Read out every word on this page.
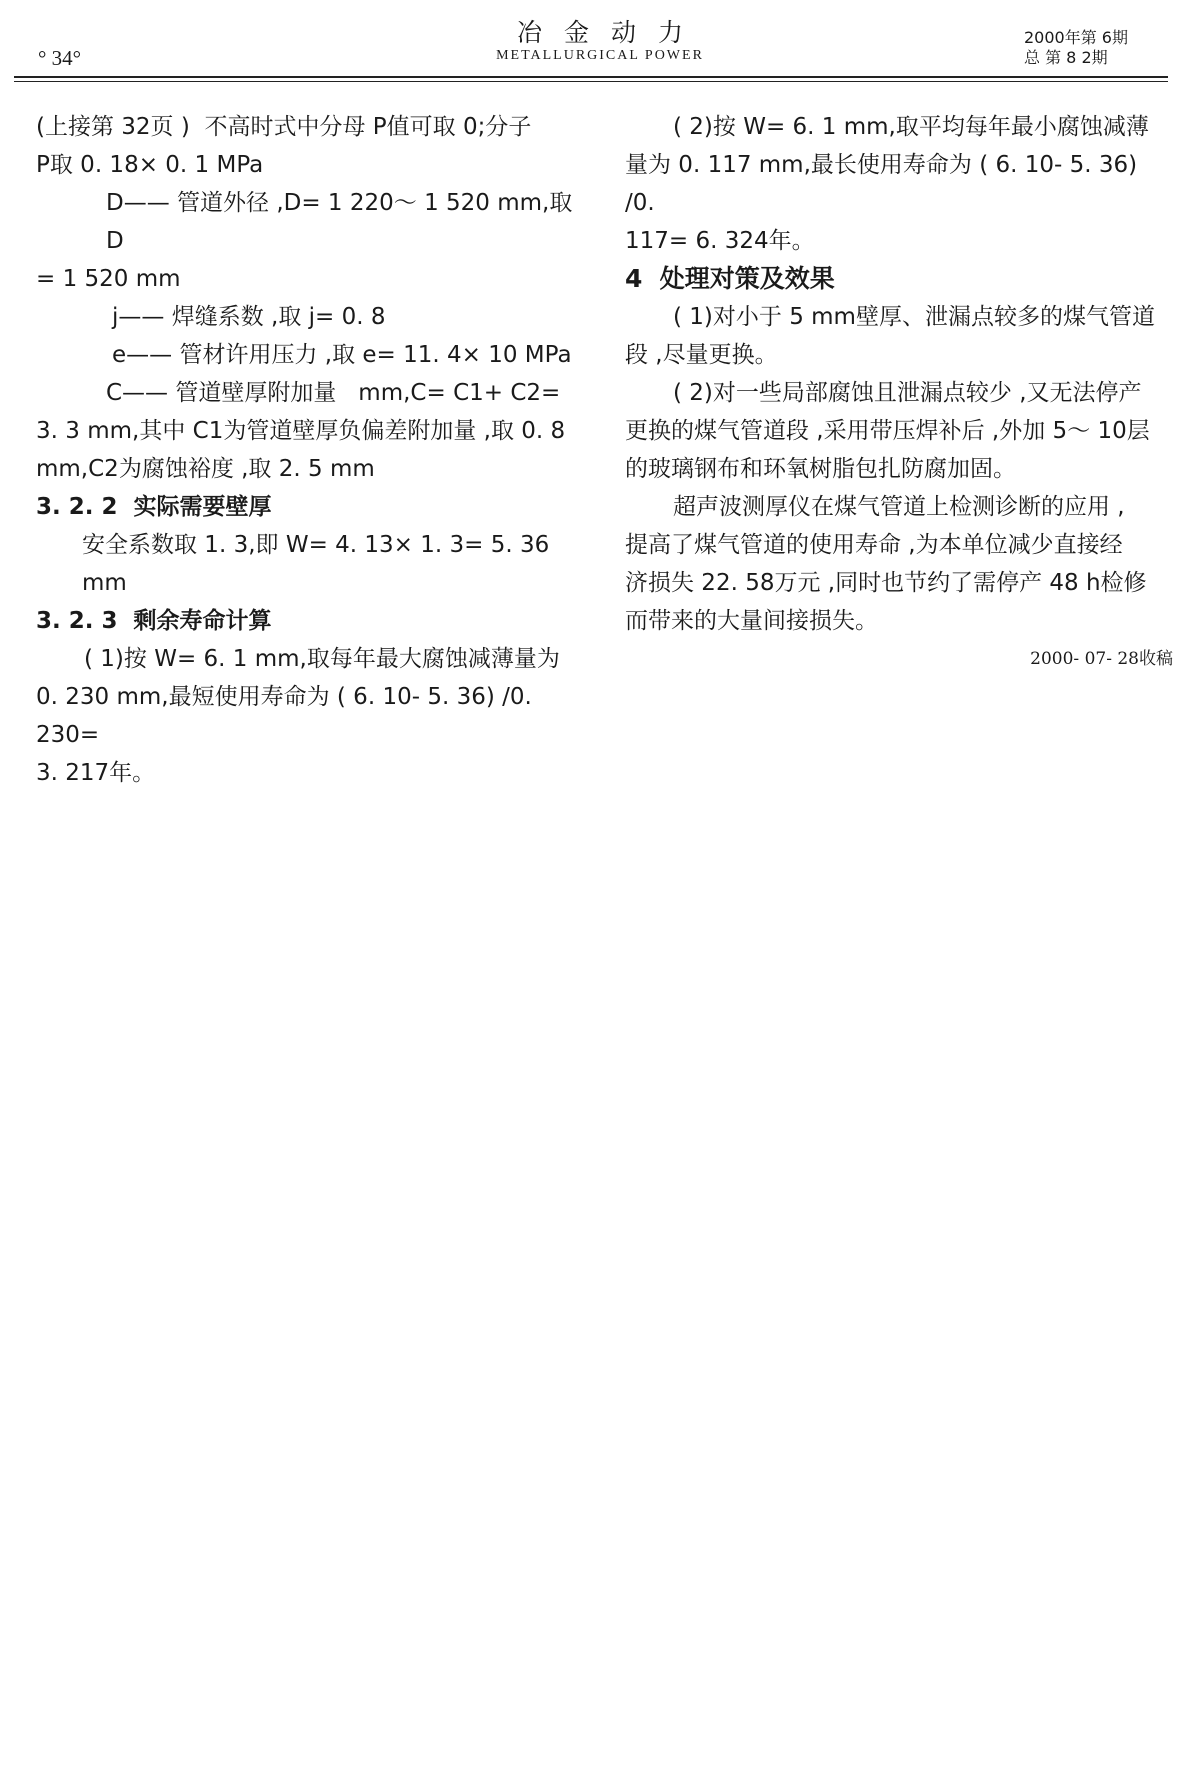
° 34°
冶金动力
METALLURGICAL POWER
2000年第 6期
总 第 8 2期

(上接第 32页 )  不高时式中分母 P值可取 0;分子

P取 0. 18× 0. 1 MPa

D—— 管道外径 ,D= 1 220～ 1 520 mm,取 D

= 1 520 mm

j—— 焊缝系数 ,取 j= 0. 8

e—— 管材许用压力 ,取 e= 11. 4× 10 MPa

C—— 管道壁厚附加量   mm,C= C1+ C2=

3. 3 mm,其中 C1为管道壁厚负偏差附加量 ,取 0. 8

mm,C2为腐蚀裕度 ,取 2. 5 mm

3. 2. 2  实际需要壁厚

安全系数取 1. 3,即 W= 4. 13× 1. 3= 5. 36 mm

3. 2. 3  剩余寿命计算

( 1)按 W= 6. 1 mm,取每年最大腐蚀减薄量为

0. 230 mm,最短使用寿命为 ( 6. 10- 5. 36) /0. 230=

3. 217年。

( 2)按 W= 6. 1 mm,取平均每年最小腐蚀减薄

量为 0. 117 mm,最长使用寿命为 ( 6. 10- 5. 36) /0.

117= 6. 324年。

4  处理对策及效果

( 1)对小于 5 mm壁厚、泄漏点较多的煤气管道

段 ,尽量更换。

( 2)对一些局部腐蚀且泄漏点较少 ,又无法停产

更换的煤气管道段 ,采用带压焊补后 ,外加 5～ 10层

的玻璃钢布和环氧树脂包扎防腐加固。

超声波测厚仪在煤气管道上检测诊断的应用 ,

提高了煤气管道的使用寿命 ,为本单位减少直接经

济损失 22. 58万元 ,同时也节约了需停产 48 h检修

而带来的大量间接损失。

2000- 07- 28收稿
